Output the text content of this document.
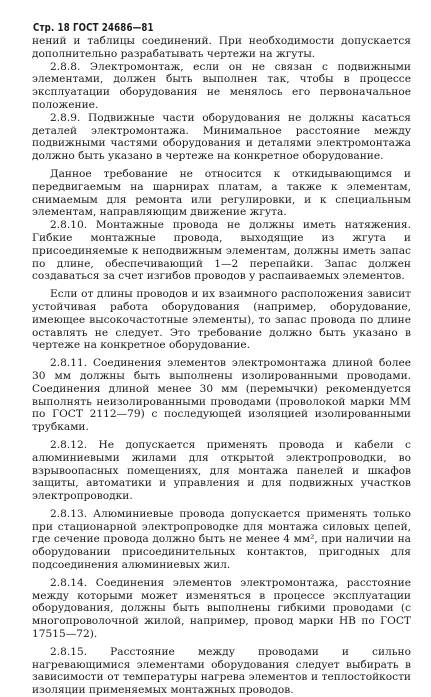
Стр. 18 ГОСТ 24686—81

нений и таблицы соединений. При необходимости допускается дополнительно разрабатывать чертежи на жгуты.

2.8.8. Электромонтаж, если он не связан с подвижными элементами, должен быть выполнен так, чтобы в процессе эксплуатации оборудования не менялось его первоначальное положение.

2.8.9. Подвижные части оборудования не должны касаться деталей электромонтажа. Минимальное расстояние между подвижными частями оборудования и деталями электромонтажа должно быть указано в чертеже на конкретное оборудование.

Данное требование не относится к откидывающимся и передвигаемым на шарнирах платам, а также к элементам, снимаемым для ремонта или регулировки, и к специальным элементам, направляющим движение жгута.

2.8.10. Монтажные провода не должны иметь натяжения. Гибкие монтажные провода, выходящие из жгута и присоединяемые к неподвижным элементам, должны иметь запас по длине, обеспечивающий 1—2 перепайки. Запас должен создаваться за счет изгибов проводов у распаиваемых элементов.

Если от длины проводов и их взаимного расположения зависит устойчивая работа оборудования (например, оборудование, имеющее высокочастотные элементы), то запас провода по длине оставлять не следует. Это требование должно быть указано в чертеже на конкретное оборудование.

2.8.11. Соединения элементов электромонтажа длиной более 30 мм должны быть выполнены изолированными проводами. Соединения длиной менее 30 мм (перемычки) рекомендуется выполнять неизолированными проводами (проволокой марки ММ по ГОСТ 2112—79) с последующей изоляцией изолированными трубками.

2.8.12. Не допускается применять провода и кабели с алюминиевыми жилами для открытой электропроводки, во взрывоопасных помещениях, для монтажа панелей и шкафов защиты, автоматики и управления и для подвижных участков электропроводки.

2.8.13. Алюминиевые провода допускается применять только при стационарной электропроводке для монтажа силовых цепей, где сечение провода должно быть не менее 4 мм², при наличии на оборудовании присоединительных контактов, пригодных для подсоединения алюминиевых жил.

2.8.14. Соединения элементов электромонтажа, расстояние между которыми может изменяться в процессе эксплуатации оборудования, должны быть выполнены гибкими проводами (с многопроволочной жилой, например, провод марки НВ по ГОСТ 17515—72).

2.8.15. Расстояние между проводами и сильно нагревающимися элементами оборудования следует выбирать в зависимости от температуры нагрева элементов и теплостойкости изоляции применяемых монтажных проводов.
